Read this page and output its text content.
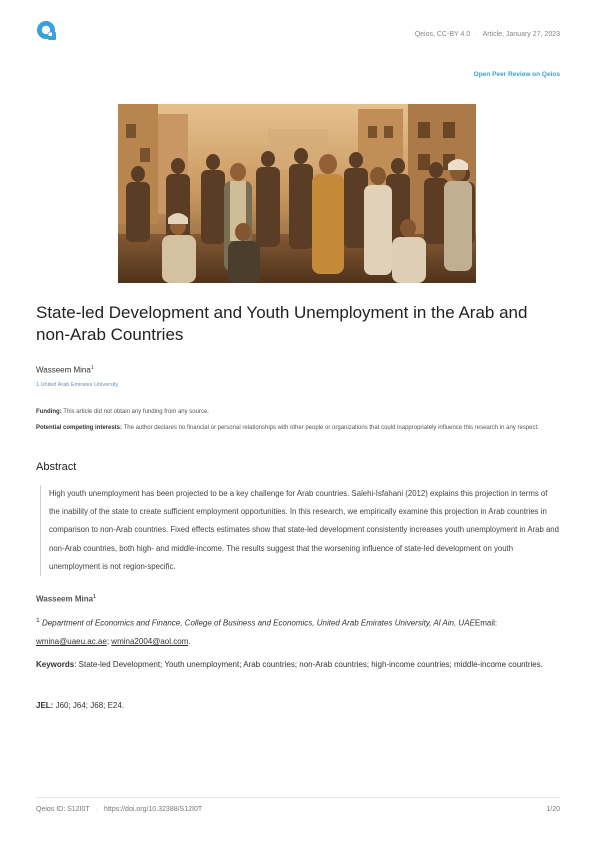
Qeios, CC-BY 4.0 · Article, January 27, 2023
Open Peer Review on Qeios
State-led Development and Youth Unemployment in the Arab and non-Arab Countries
Wasseem Mina$^1$
1 United Arab Emirates University
Funding: This article did not obtain any funding from any source.
Potential competing interests: The author declares no financial or personal relationships with other people or organizations that could inappropriately influence this research in any respect.
Abstract

High youth unemployment has been projected to be a key challenge for Arab countries. Salehi-Isfahani (2012) explains this projection in terms of the inability of the state to create sufficient employment opportunities. In this research, we empirically examine this projection in Arab countries in comparison to non-Arab countries. Fixed effects estimates show that state-led development consistently increases youth unemployment in Arab and non-Arab countries, both high- and middle-income. The results suggest that the worsening influence of state-led development on youth unemployment is not region-specific.

Wasseem Mina$^1$
$^1$ Department of Economics and Finance, College of Business and Economics, United Arab Emirates University, Al Ain, UAEEmail: wmina@uaeu.ac.ae; wmina2004@aol.com.
Keywords: State-led Development; Youth unemployment; Arab countries; non-Arab countries; high-income countries; middle-income countries.
JEL: J60; J64; J68; E24.
Qeios ID: S12I0T · https://doi.org/10.32388/S12I0T	1/20
